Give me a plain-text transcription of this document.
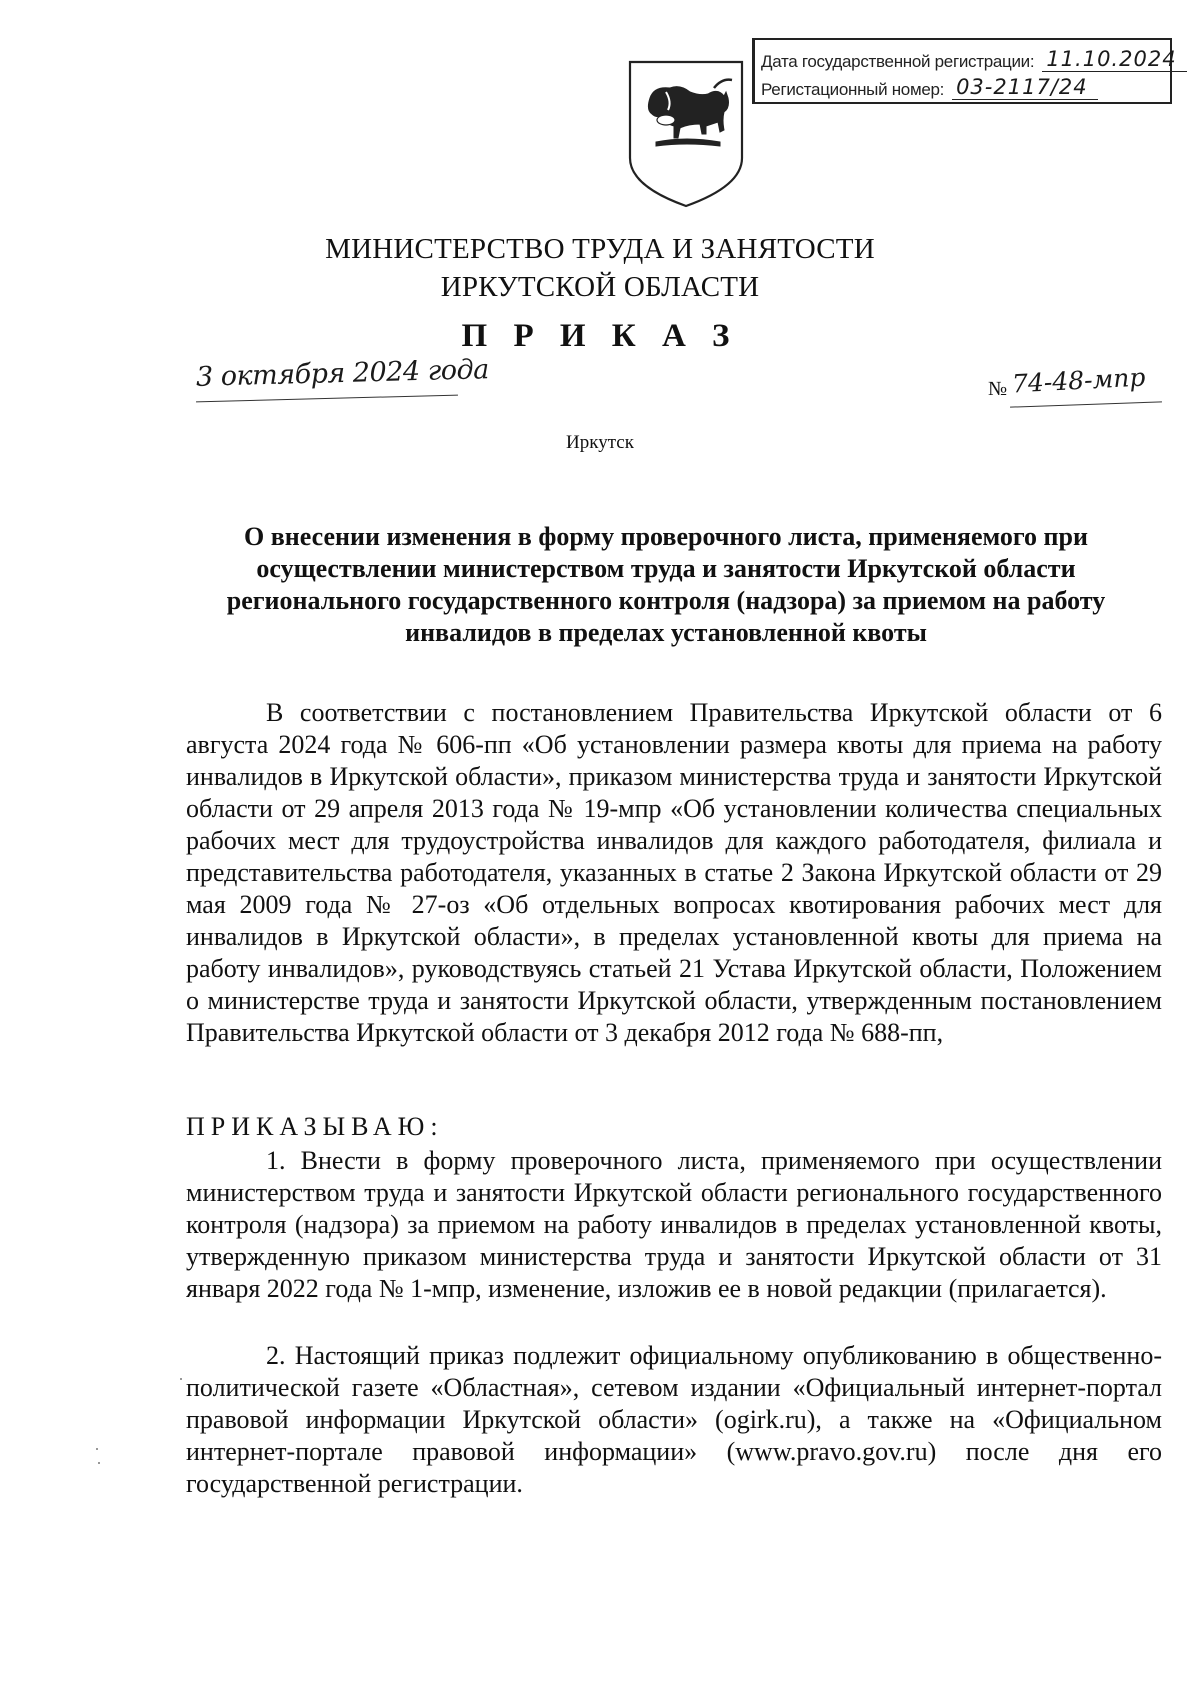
Дата государственной регистрации: 11.10.2024
Регистационный номер: 03-2117/24
МИНИСТЕРСТВО ТРУДА И ЗАНЯТОСТИ
ИРКУТСКОЙ ОБЛАСТИ
П Р И К А З
3 октября 2024 года	№ 74-48-мпр
Иркутск
О внесении изменения в форму проверочного листа, применяемого при осуществлении министерством труда и занятости Иркутской области регионального государственного контроля (надзора) за приемом на работу инвалидов в пределах установленной квоты
В соответствии с постановлением Правительства Иркутской области от 6 августа 2024 года № 606-пп «Об установлении размера квоты для приема на работу инвалидов в Иркутской области», приказом министерства труда и занятости Иркутской области от 29 апреля 2013 года № 19-мпр «Об установлении количества специальных рабочих мест для трудоустройства инвалидов для каждого работодателя, филиала и представительства работодателя, указанных в статье 2 Закона Иркутской области от 29 мая 2009 года № 27-оз «Об отдельных вопросах квотирования рабочих мест для инвалидов в Иркутской области», в пределах установленной квоты для приема на работу инвалидов», руководствуясь статьей 21 Устава Иркутской области, Положением о министерстве труда и занятости Иркутской области, утвержденным постановлением Правительства Иркутской области от 3 декабря 2012 года № 688-пп,
ПРИКАЗЫВАЮ:
1. Внести в форму проверочного листа, применяемого при осуществлении министерством труда и занятости Иркутской области регионального государственного контроля (надзора) за приемом на работу инвалидов в пределах установленной квоты, утвержденную приказом министерства труда и занятости Иркутской области от 31 января 2022 года № 1-мпр, изменение, изложив ее в новой редакции (прилагается).
2. Настоящий приказ подлежит официальному опубликованию в общественно-политической газете «Областная», сетевом издании «Официальный интернет-портал правовой информации Иркутской области» (ogirk.ru), а также на «Официальном интернет-портале правовой информации» (www.pravo.gov.ru) после дня его государственной регистрации.
